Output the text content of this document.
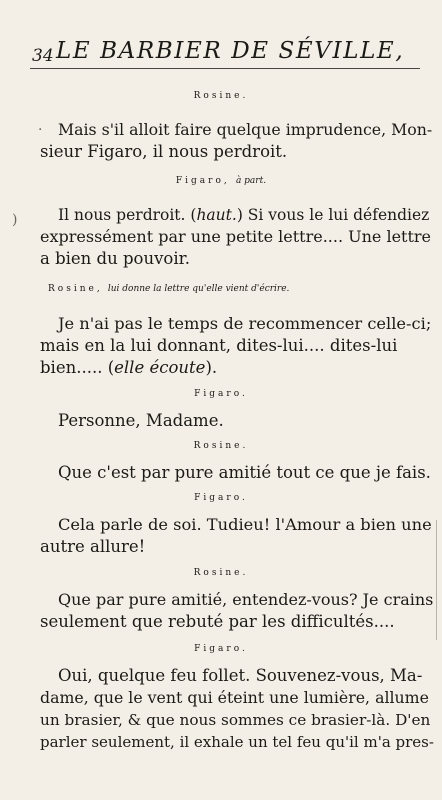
34 LE BARBIER DE SÉVILLE,
Rosine.
· Mais s'il alloit faire quelque imprudence, Mon-
sieur Figaro, il nous perdroit.
Figaro, à part.
)	Il nous perdroit. (haut.) Si vous le lui défendiez
expressément par une petite lettre.... Une lettre
a bien du pouvoir.
Rosine, lui donne la lettre qu'elle vient d'écrire.
Je n'ai pas le temps de recommencer celle-ci;
mais en la lui donnant, dites-lui.... dites-lui
bien..... (elle écoute).
Figaro.
Personne, Madame.
Rosine.
Que c'est par pure amitié tout ce que je fais.
Figaro.
Cela parle de soi. Tudieu! l'Amour a bien une
autre allure!
Rosine.
Que par pure amitié, entendez-vous? Je crains
seulement que rebuté par les difficultés....
Figaro.
Oui, quelque feu follet. Souvenez-vous, Ma-
dame, que le vent qui éteint une lumière, allume
un brasier, & que nous sommes ce brasier-là. D'en
parler seulement, il exhale un tel feu qu'il m'a pres-
